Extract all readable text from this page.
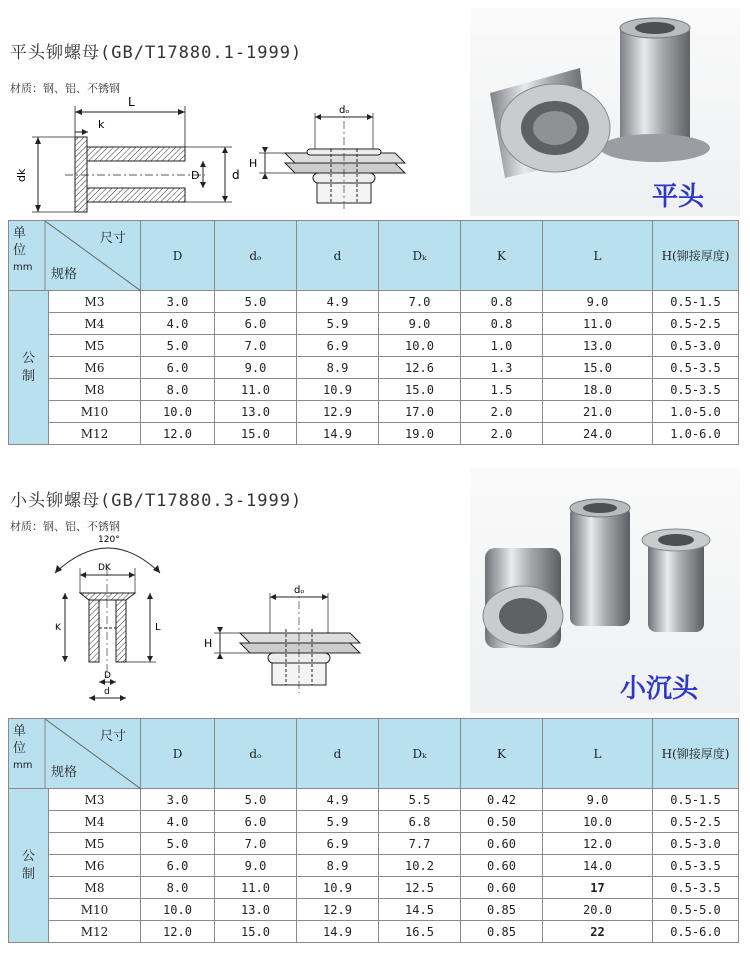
平头铆螺母(GB/T17880.1-1999)
材质：钢、铝、不锈钢
L
k
dk	D	d
dₒ
H
平头
单
位
mm
尺寸
规格		D	dₒ	d	Dₖ	K	L	H(铆接厚度)

公
制	M3	3.0	5.0	4.9	7.0	0.8	9.0	0.5-1.5
	M4	4.0	6.0	5.9	9.0	0.8	11.0	0.5-2.5
	M5	5.0	7.0	6.9	10.0	1.0	13.0	0.5-3.0
	M6	6.0	9.0	8.9	12.6	1.3	15.0	0.5-3.5
	M8	8.0	11.0	10.9	15.0	1.5	18.0	0.5-3.5
	M10	10.0	13.0	12.9	17.0	2.0	21.0	1.0-5.0
	M12	12.0	15.0	14.9	19.0	2.0	24.0	1.0-6.0
小头铆螺母(GB/T17880.3-1999)
材质：钢、铝、不锈钢
120°
DK
K	L
D
d
dₒ
H
小沉头
单
位
mm
尺寸
规格		D	dₒ	d	Dₖ	K	L	H(铆接厚度)

公
制	M3	3.0	5.0	4.9	5.5	0.42	9.0	0.5-1.5
	M4	4.0	6.0	5.9	6.8	0.50	10.0	0.5-2.5
	M5	5.0	7.0	6.9	7.7	0.60	12.0	0.5-3.0
	M6	6.0	9.0	8.9	10.2	0.60	14.0	0.5-3.5
	M8	8.0	11.0	10.9	12.5	0.60	17	0.5-3.5
	M10	10.0	13.0	12.9	14.5	0.85	20.0	0.5-5.0
	M12	12.0	15.0	14.9	16.5	0.85	22	0.5-6.0
